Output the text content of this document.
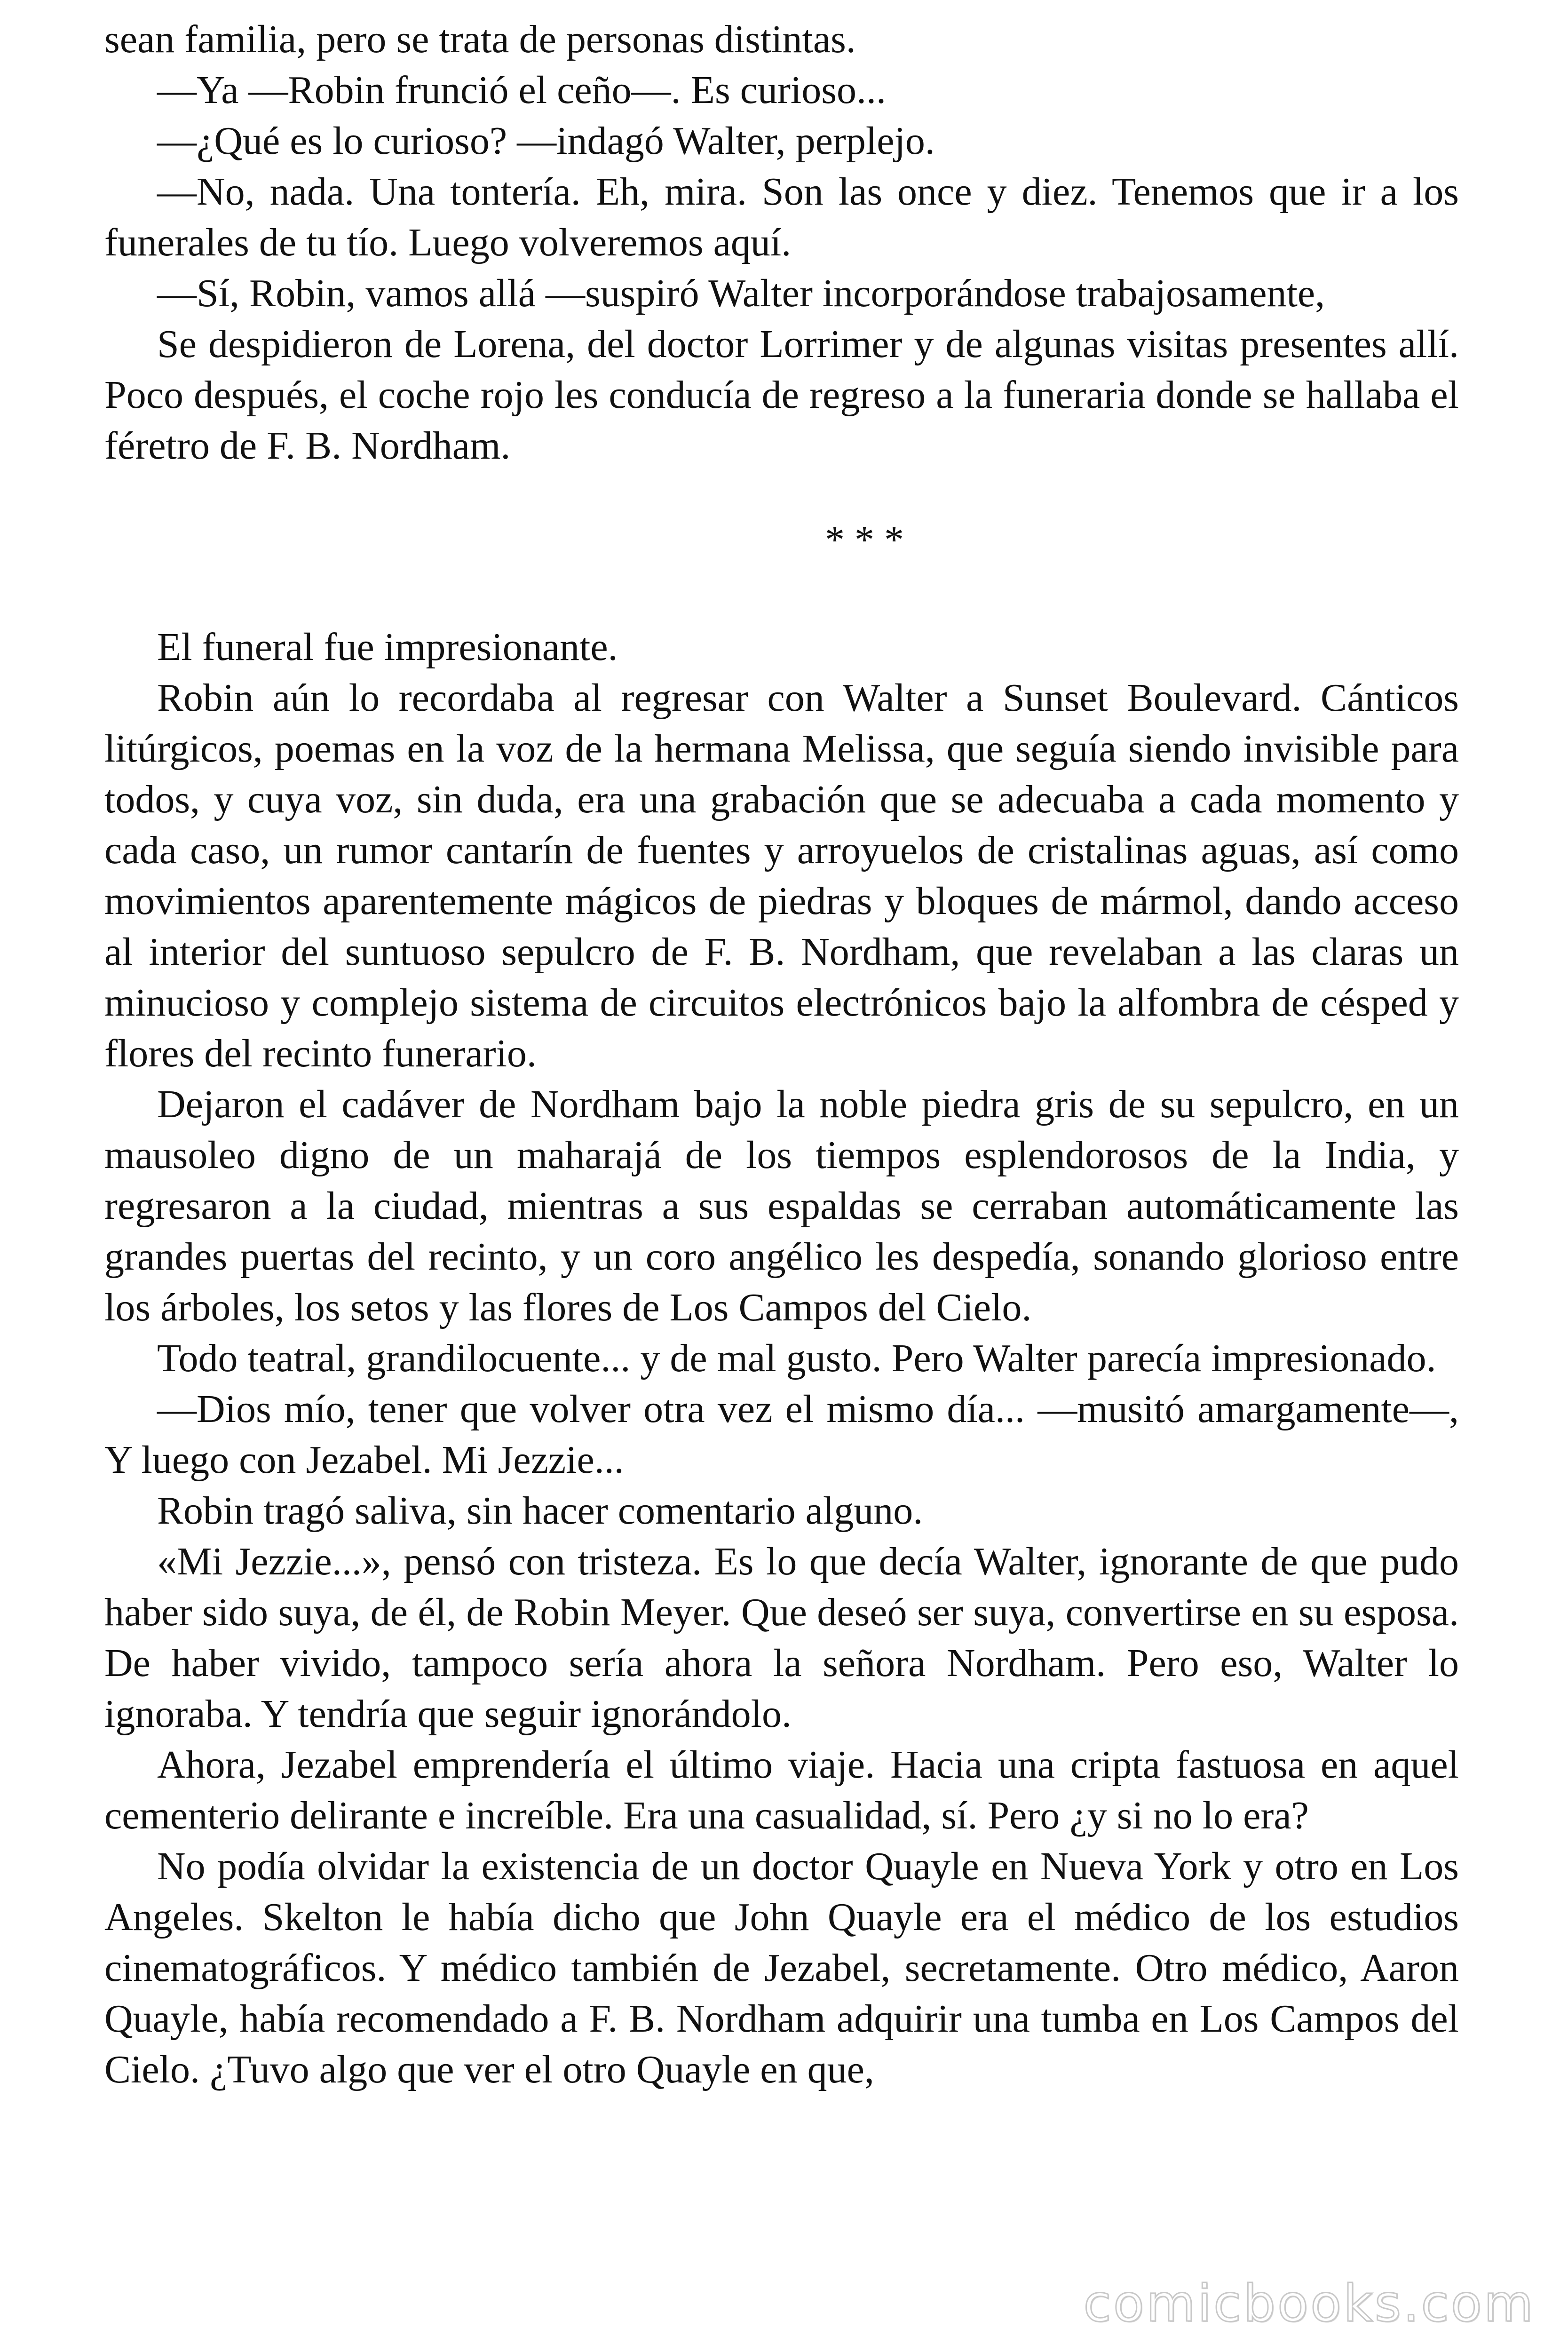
sean familia, pero se trata de personas distintas.

—Ya —Robin frunció el ceño—. Es curioso...

—¿Qué es lo curioso? —indagó Walter, perplejo.

—No, nada. Una tontería. Eh, mira. Son las once y diez. Tenemos que ir a los funerales de tu tío. Luego volveremos aquí.

—Sí, Robin, vamos allá —suspiró Walter incorporándose trabajosamente,

Se despidieron de Lorena, del doctor Lorrimer y de algunas visitas presentes allí. Poco después, el coche rojo les conducía de regreso a la funeraria donde se hallaba el féretro de F. B. Nordham.

* * *

El funeral fue impresionante.

Robin aún lo recordaba al regresar con Walter a Sunset Boulevard. Cánticos litúrgicos, poemas en la voz de la hermana Melissa, que seguía siendo invisible para todos, y cuya voz, sin duda, era una grabación que se adecuaba a cada momento y cada caso, un rumor cantarín de fuentes y arroyuelos de cristalinas aguas, así como movimientos aparentemente mágicos de piedras y bloques de mármol, dando acceso al interior del suntuoso sepulcro de F. B. Nordham, que revelaban a las claras un minucioso y complejo sistema de circuitos electrónicos bajo la alfombra de césped y flores del recinto funerario.

Dejaron el cadáver de Nordham bajo la noble piedra gris de su sepulcro, en un mausoleo digno de un maharajá de los tiempos esplendorosos de la India, y regresaron a la ciudad, mientras a sus espaldas se cerraban automáticamente las grandes puertas del recinto, y un coro angélico les despedía, sonando glorioso entre los árboles, los setos y las flores de Los Campos del Cielo.

Todo teatral, grandilocuente... y de mal gusto. Pero Walter parecía impresionado.

—Dios mío, tener que volver otra vez el mismo día... —musitó amargamente—, Y luego con Jezabel. Mi Jezzie...

Robin tragó saliva, sin hacer comentario alguno.

«Mi Jezzie...», pensó con tristeza. Es lo que decía Walter, ignorante de que pudo haber sido suya, de él, de Robin Meyer. Que deseó ser suya, convertirse en su esposa. De haber vivido, tampoco sería ahora la señora Nordham. Pero eso, Walter lo ignoraba. Y tendría que seguir ignorándolo.

Ahora, Jezabel emprendería el último viaje. Hacia una cripta fastuosa en aquel cementerio delirante e increíble. Era una casualidad, sí. Pero ¿y si no lo era?

No podía olvidar la existencia de un doctor Quayle en Nueva York y otro en Los Angeles. Skelton le había dicho que John Quayle era el médico de los estudios cinematográficos. Y médico también de Jezabel, secretamente. Otro médico, Aaron Quayle, había recomendado a F. B. Nordham adquirir una tumba en Los Campos del Cielo. ¿Tuvo algo que ver el otro Quayle en que,

comicbooks.com
